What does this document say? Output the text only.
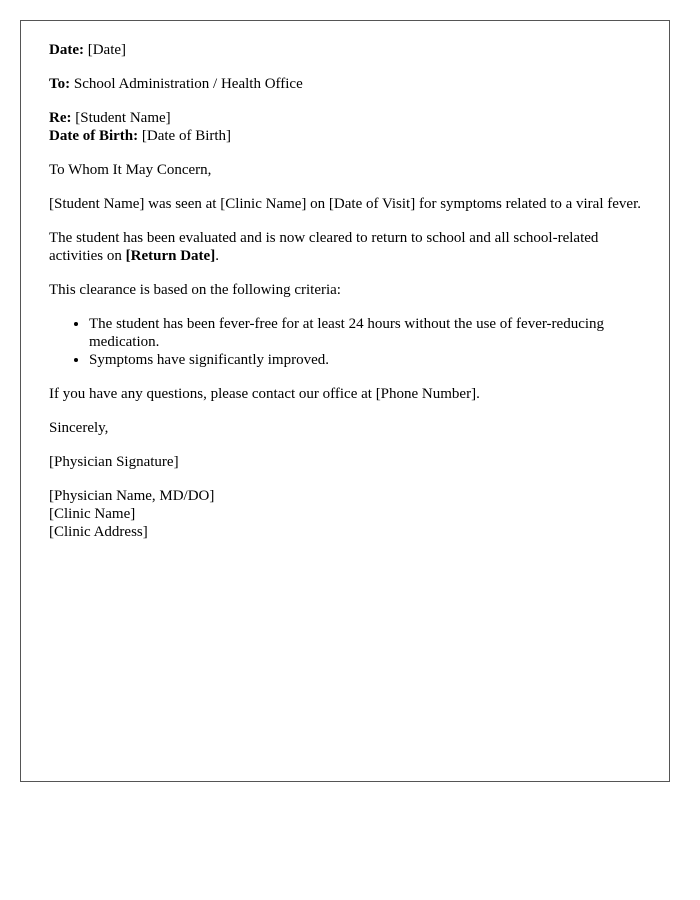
Date: [Date]

To: School Administration / Health Office

Re: [Student Name]

Date of Birth: [Date of Birth]

To Whom It May Concern,

[Student Name] was seen at [Clinic Name] on [Date of Visit] for symptoms related to a viral fever.

The student has been evaluated and is now cleared to return to school and all school-related activities on [Return Date].

This clearance is based on the following criteria:

• The student has been fever-free for at least 24 hours without the use of fever-reducing medication.
• Symptoms have significantly improved.

If you have any questions, please contact our office at [Phone Number].

Sincerely,

[Physician Signature]

[Physician Name, MD/DO]
[Clinic Name]
[Clinic Address]
